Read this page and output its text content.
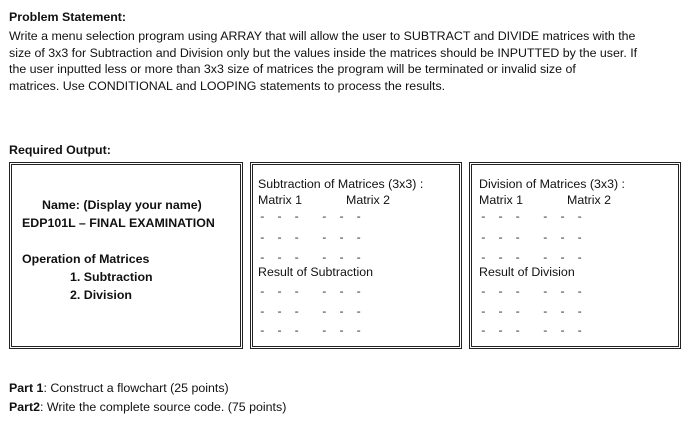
Problem Statement:
Write a menu selection program using ARRAY that will allow the user to SUBTRACT and DIVIDE matrices with the
size of 3x3 for Subtraction and Division only but the values inside the matrices should be INPUTTED by the user. If
the user inputted less or more than 3x3 size of matrices the program will be terminated or invalid size of
matrices. Use CONDITIONAL and LOOPING statements to process the results.
Required Output:
Name: (Display your name)
EDP101L – FINAL EXAMINATION
Operation of Matrices
1. Subtraction
2. Division
Subtraction of Matrices (3x3) :
Matrix 1	Matrix 2
- - - - - -
- - - - - -
- - - - - -
Result of Subtraction
- - - - - -
- - - - - -
- - - - - -
Division of Matrices (3x3) :
Matrix 1	Matrix 2
- - - - - -
- - - - - -
- - - - - -
Result of Division
- - - - - -
- - - - - -
- - - - - -
Part 1: Construct a flowchart (25 points)
Part2: Write the complete source code. (75 points)
